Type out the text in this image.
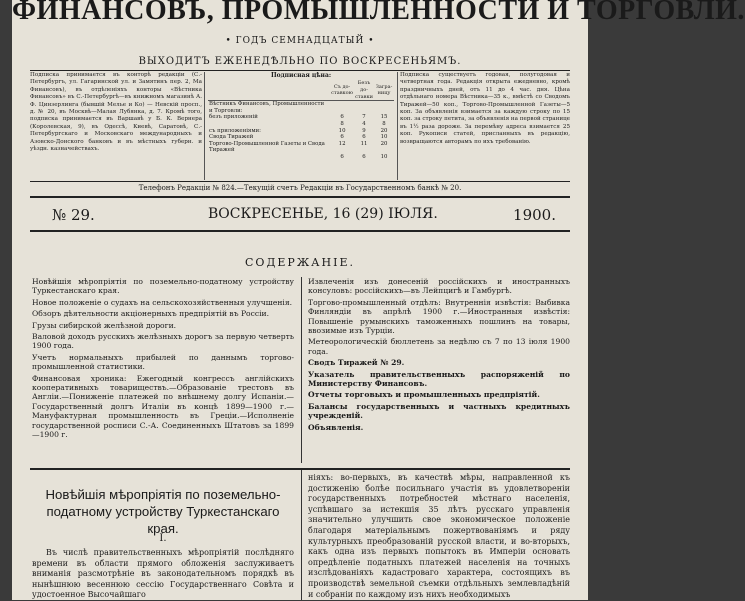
ФИНАНСОВЪ, ПРОМЫШЛЕННОСТИ И ТОРГОВЛИ.
• ГОДЪ СЕМНАДЦАТЫЙ •
ВЫХОДИТЪ ЕЖЕНЕДѢЛЬНО ПО ВОСКРЕСЕНЬЯМЪ.
Подписка принимается въ конторѣ редакціи (С.-Петербургъ, ул. Гагаринской ул. и Замятинъ пер. 2, Ма Финансовъ), въ отдѣленіяхъ конторы «Вѣстника Финансовъ» въ С.-Петербургѣ—въ книжномъ магазинѣ А. Ф. Цинзерлинга (бывшій Мелье и Ко) — Невскій просп., д. № 20, въ Москвѣ—Малая Лубянка, д. 7. Кромѣ того, подписка принимается въ Варшавѣ у Б. К. Вернера (Королевская, 9), въ Одессѣ, Киевѣ, Саратовѣ, С.-Петербургскаго и Московскаго международныхъ и Азовско-Донского банковъ и въ мѣстныхъ губерн. и уѣздн. казначействахъ.
Подписная цѣна:
	Съ до-ставкою	Безъ до-ставки	Загра-ницу
Вѣстникъ Финансовъ, Промышленности и Торговли:			
безъ приложеній	6	7	15
	8	4	8
съ приложеніями:	10	9	20
Свода Тиражей	6	6	10
Торгово-Промышленной Газеты и Свода Тиражей	12	11	20
	6	6	10
Подписка существуетъ годовая, полугодовая и четвертная года. Редакція открыта ежедневно, кромѣ праздничныхъ дней, отъ 11 до 4 час. дня. Цѣна отдѣльнаго номера Вѣстника—35 к., вмѣстѣ со Сводомъ Тиражей—50 коп., Торгово-Промышленной Газеты—5 коп. За объявленія взимается за каждую строку по 15 коп. за строку петита, за объявленія на первой странице въ 1½ раза дороже. За перемѣну адреса взимается 25 коп. Рукописи статей, присланныхъ въ редакцію, возвращаются авторамъ по ихъ требованію.
Телефонъ Редакціи № 824.—Текущій счетъ Редакціи въ Государственномъ банкѣ № 20.
№ 29.	ВОСКРЕСЕНЬЕ, 16 (29) ІЮЛЯ.	1900.
СОДЕРЖАНІЕ.

Новѣйшія мѣропріятія по поземельно-податному устройству Туркестанскаго края.

Новое положеніе о судахъ на сельскохозяйственныя улучшенія.

Обзоръ дѣятельности акціонерныхъ предпріятій въ Россіи.

Грузы сибирской желѣзной дороги.

Валовой доходъ русскихъ желѣзныхъ дорогъ за первую четверть 1900 года.

Учетъ нормальныхъ прибылей по даннымъ торгово-промышленной статистики.

Финансовая хроника: Ежегодный конгрессъ англійскихъ кооперативныхъ товариществъ.—Образованіе трестовъ въ Англіи.—Пониженіе платежей по внѣшнему долгу Испаніи.—Государственный долгъ Италіи въ концѣ 1899—1900 г.—Мануфактурная промышленность въ Греціи.—Исполненіе государственной росписи С.-А. Соединенныхъ Штатовъ за 1899—1900 г.

Извлеченія изъ донесеній россійскихъ и иностранныхъ консуловъ: россійскихъ—въ Лейпцигѣ и Гамбургѣ.

Торгово-промышленный отдѣлъ: Внутреннія извѣстія: Выбивка Финляндіи въ апрѣлѣ 1900 г.—Иностранныя извѣстія: Повышеніе румынскихъ таможенныхъ пошлинъ на товары, ввозимые изъ Турціи.

Метеорологическій бюллетень за недѣлю съ 7 по 13 іюля 1900 года.

Сводъ Тиражей № 29.

Указатель правительственныхъ распоряженій по Министерству Финансовъ.

Отчеты торговыхъ и промышленныхъ предпріятій.

Балансы государственныхъ и частныхъ кредитныхъ учрежденій.

Объявленія.

Новѣйшія мѣропріятія по поземельно-податному устройству Туркестанскаго края.
I.
Въ числѣ правительственныхъ мѣропріятій послѣдняго времени въ области прямого обложенія заслуживаетъ вниманія разсмотрѣніе въ законодательномъ порядкѣ въ нынѣшнюю весеннюю сессію Государственнаго Совѣта и удостоенное Высочайшаго
ніяхъ: во-первыхъ, въ качествѣ мѣры, направленной къ достиженію болѣе посильнаго участія въ удовлетвореніи государственныхъ потребностей мѣстнаго населенія, успѣвшаго за истекшія 35 лѣтъ русскаго управленія значительно улучшить свое экономическое положеніе благодаря матеріальнымъ пожертвованіямъ и ряду культурныхъ преобразованій русской власти, и во-вторыхъ, какъ одна изъ первыхъ попытокъ въ Имперіи основать опредѣленіе податныхъ платежей населенія на точныхъ изслѣдованіяхъ кадастроваго характера, состоящихъ въ производствѣ земельной съемки отдѣльныхъ землевладѣній и собраніи по каждому изъ нихъ необходимыхъ
